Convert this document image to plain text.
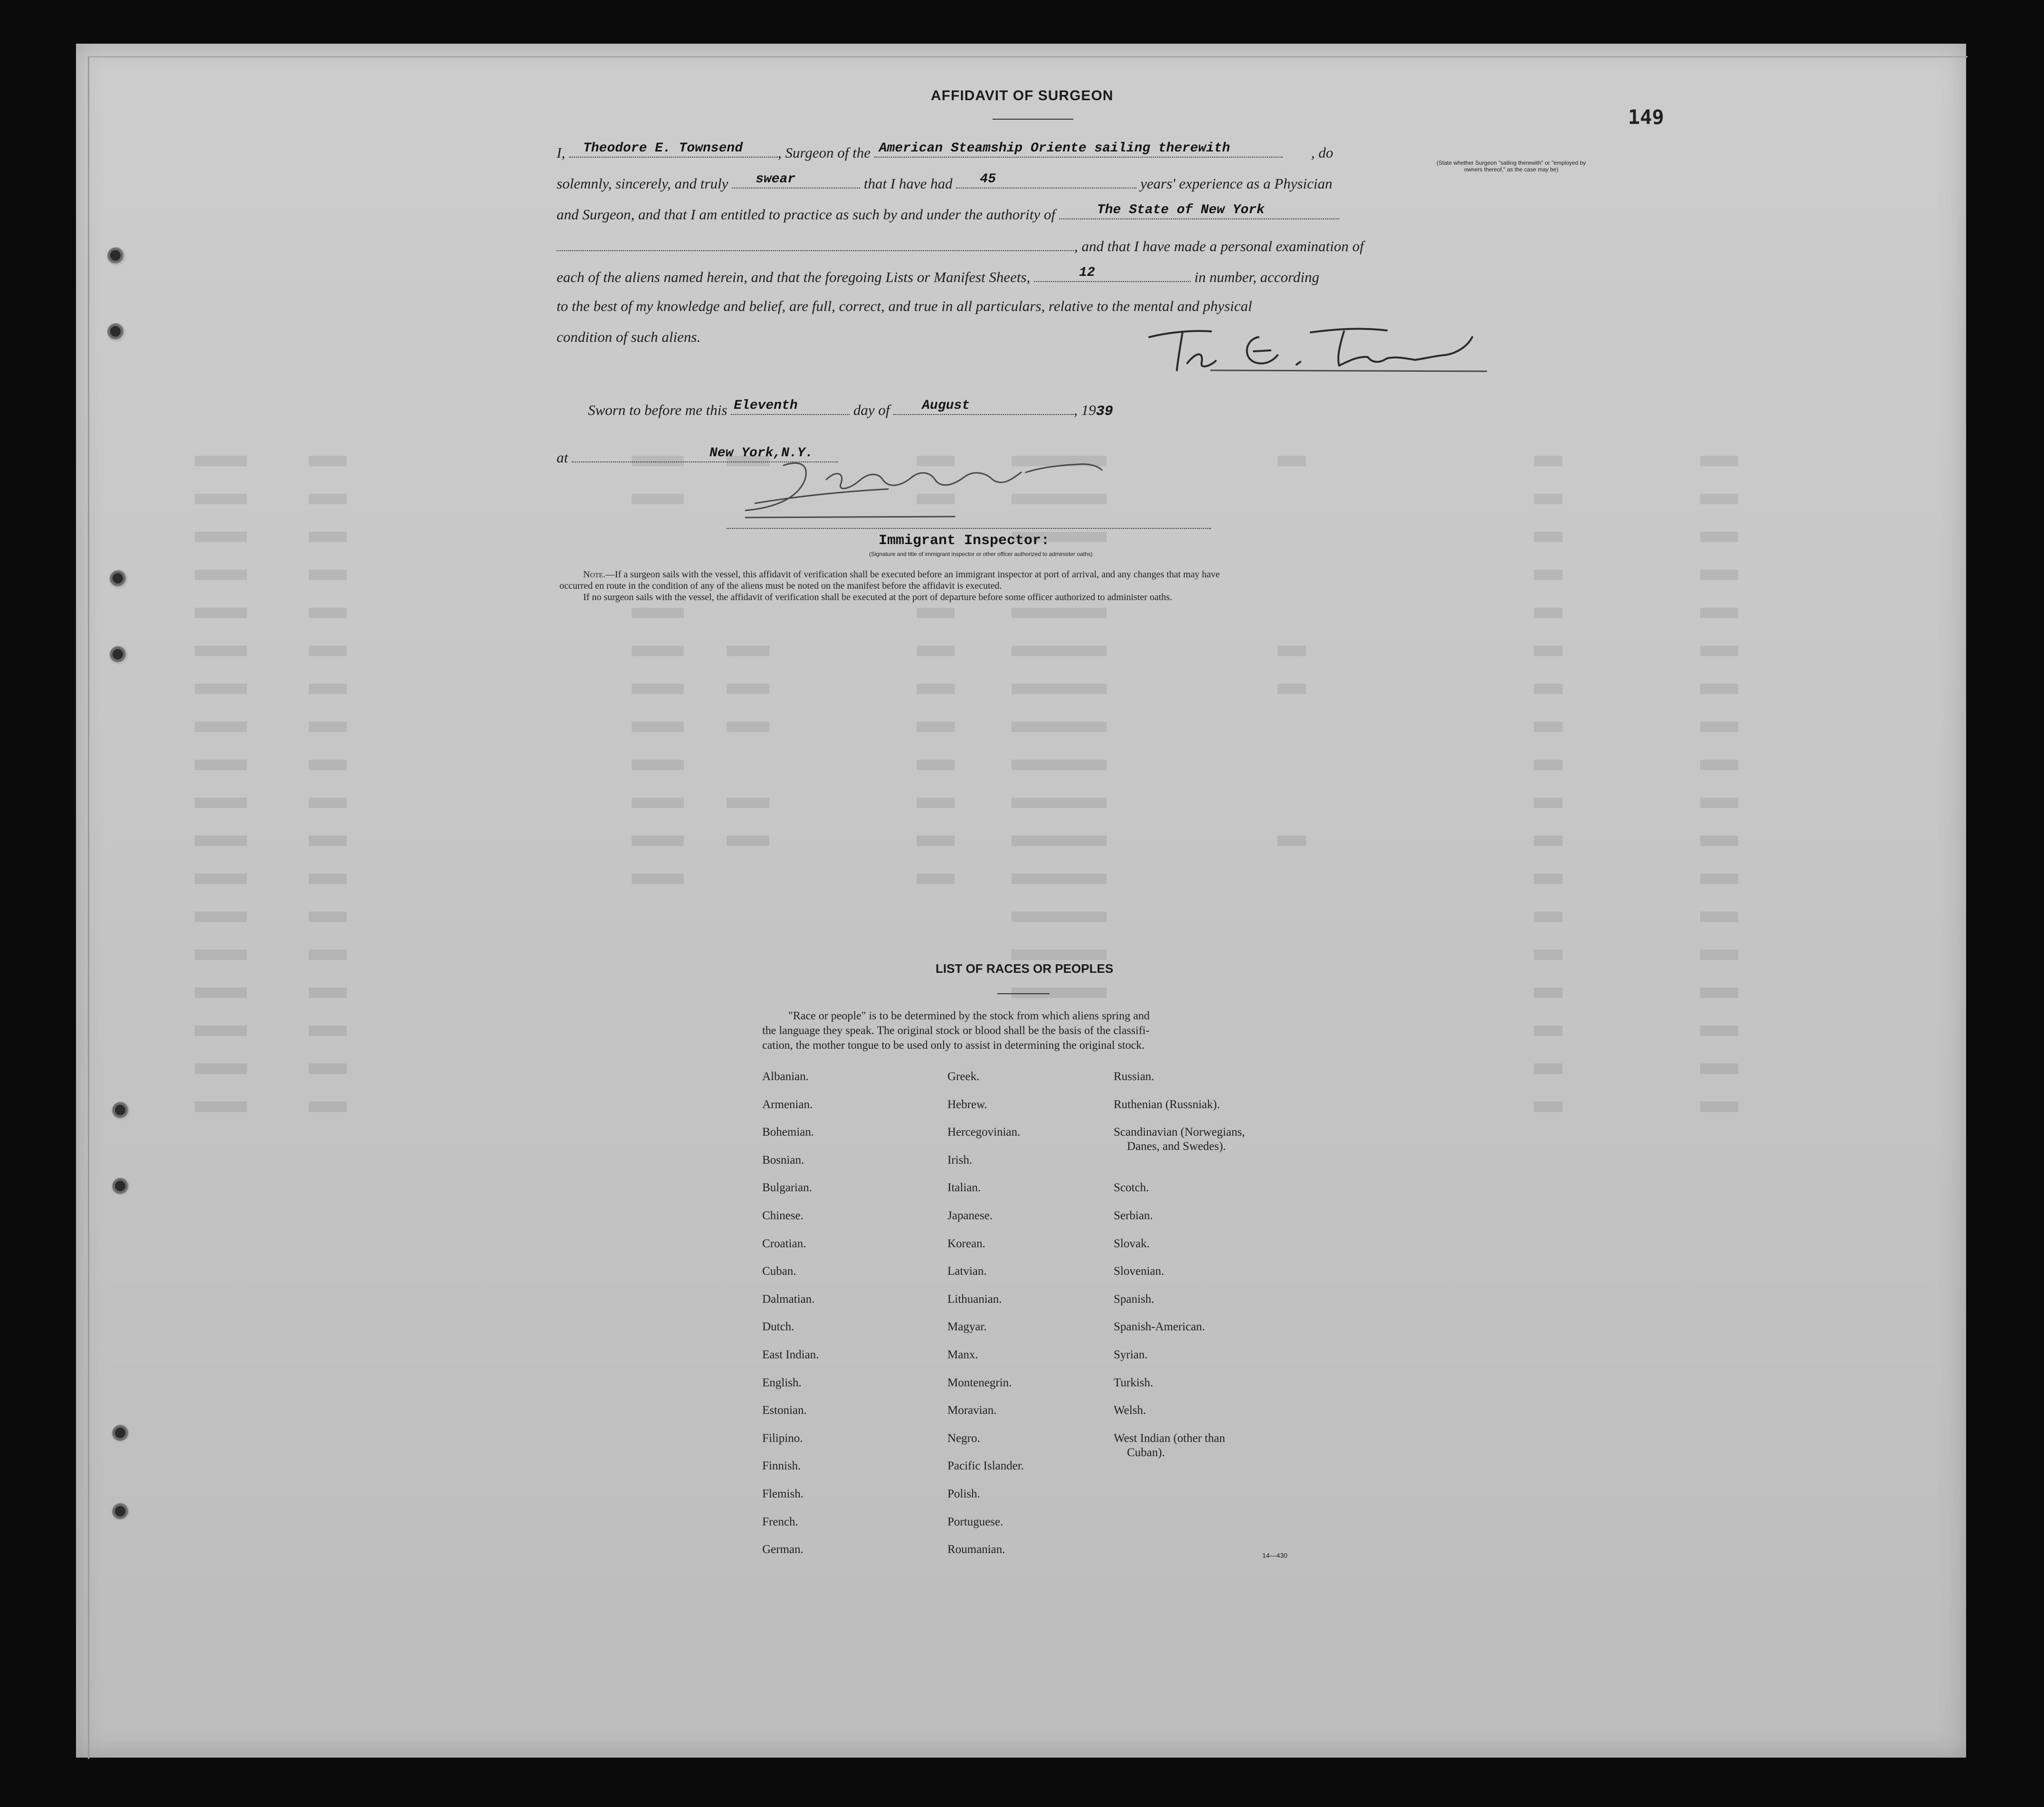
149
AFFIDAVIT OF SURGEON
I, Theodore E. Townsend , Surgeon of the American Steamship Oriente sailing therewith	, do
(State whether Surgeon "sailing therewith" or "employed by
owners thereof," as the case may be)
solemnly, sincerely, and truly swear	that I have had 45	years' experience as a Physician
and Surgeon, and that I am entitled to practice as such by and under the authority of	The State of New York
, and that I have made a personal examination of
each of the aliens named herein, and that the foregoing Lists or Manifest Sheets,	12	in number, according
to the best of my knowledge and belief, are full, correct, and true in all particulars, relative to the mental and physical
condition of such aliens.
Sworn to before me this Eleventh	day of August	, 1939
at	New York,N.Y.
Immigrant Inspector:
(Signature and title of immigrant inspector or other officer authorized to administer oaths)
Note.—If a surgeon sails with the vessel, this affidavit of verification shall be executed before an immigrant inspector at port of arrival, and any changes that may have
occurred en route in the condition of any of the aliens must be noted on the manifest before the affidavit is executed.
If no surgeon sails with the vessel, the affidavit of verification shall be executed at the port of departure before some officer authorized to administer oaths.
LIST OF RACES OR PEOPLES
"Race or people" is to be determined by the stock from which aliens spring and
the language they speak. The original stock or blood shall be the basis of the classifi-
cation, the mother tongue to be used only to assist in determining the original stock.
Albanian.
Armenian.
Bohemian.
Bosnian.
Bulgarian.
Chinese.
Croatian.
Cuban.
Dalmatian.
Dutch.
East Indian.
English.
Estonian.
Filipino.
Finnish.
Flemish.
French.
German.
Greek.
Hebrew.
Hercegovinian.
Irish.
Italian.
Japanese.
Korean.
Latvian.
Lithuanian.
Magyar.
Manx.
Montenegrin.
Moravian.
Negro.
Pacific Islander.
Polish.
Portuguese.
Roumanian.
Russian.
Ruthenian (Russniak).
Scandinavian (Norwegians,
Danes, and Swedes).
Scotch.
Serbian.
Slovak.
Slovenian.
Spanish.
Spanish-American.
Syrian.
Turkish.
Welsh.
West Indian (other than
Cuban).
14—430
